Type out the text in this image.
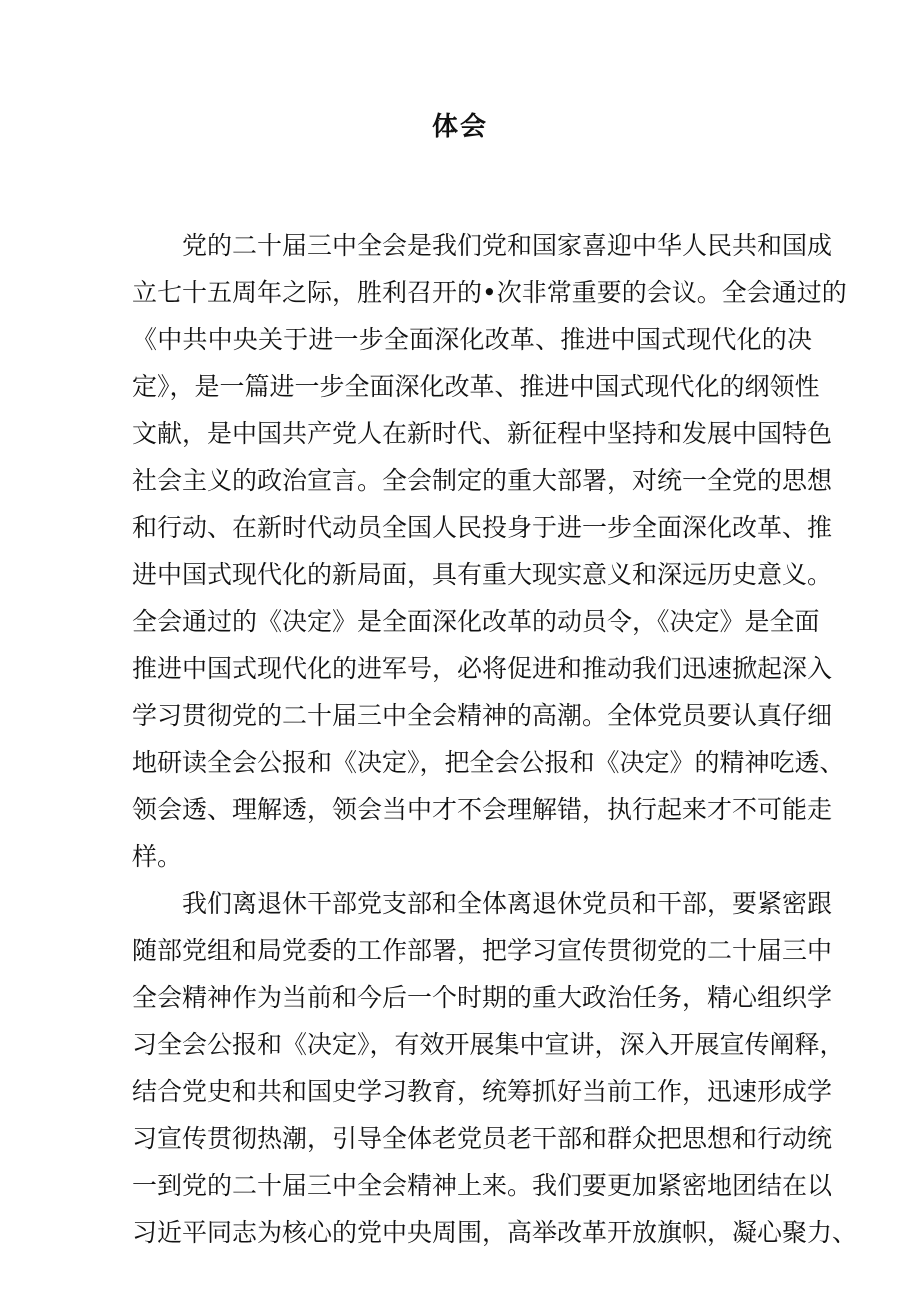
体会

党的二十届三中全会是我们党和国家喜迎中华人民共和国成
立七十五周年之际，胜利召开的•次非常重要的会议。全会通过的
《中共中央关于进一步全面深化改革、推进中国式现代化的决
定》，是一篇进一步全面深化改革、推进中国式现代化的纲领性
文献，是中国共产党人在新时代、新征程中坚持和发展中国特色
社会主义的政治宣言。全会制定的重大部署，对统一全党的思想
和行动、在新时代动员全国人民投身于进一步全面深化改革、推
进中国式现代化的新局面，具有重大现实意义和深远历史意义。
全会通过的《决定》是全面深化改革的动员令，《决定》是全面
推进中国式现代化的进军号，必将促进和推动我们迅速掀起深入
学习贯彻党的二十届三中全会精神的高潮。全体党员要认真仔细
地研读全会公报和《决定》，把全会公报和《决定》的精神吃透、
领会透、理解透，领会当中才不会理解错，执行起来才不可能走
样。

我们离退休干部党支部和全体离退休党员和干部，要紧密跟
随部党组和局党委的工作部署，把学习宣传贯彻党的二十届三中
全会精神作为当前和今后一个时期的重大政治任务，精心组织学
习全会公报和《决定》，有效开展集中宣讲，深入开展宣传阐释，
结合党史和共和国史学习教育，统筹抓好当前工作，迅速形成学
习宣传贯彻热潮，引导全体老党员老干部和群众把思想和行动统
一到党的二十届三中全会精神上来。我们要更加紧密地团结在以
习近平同志为核心的党中央周围，高举改革开放旗帜，凝心聚力、
